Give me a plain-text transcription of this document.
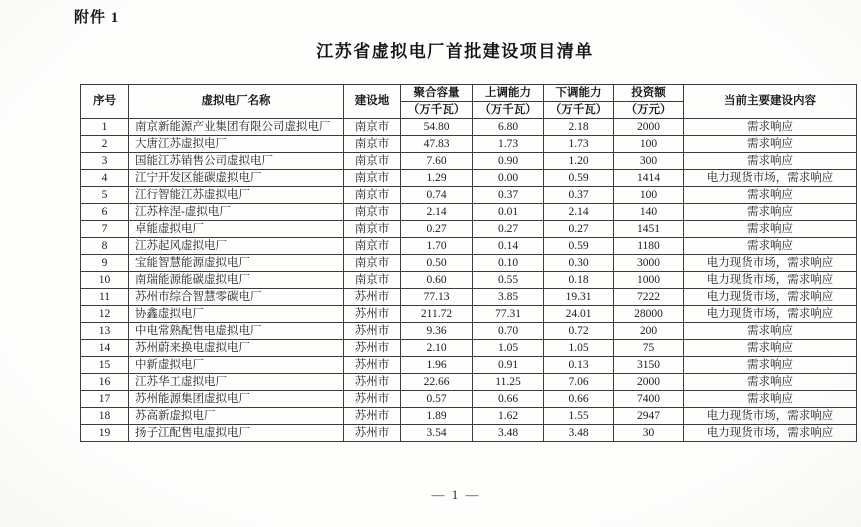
附件 1
江苏省虚拟电厂首批建设项目清单
序号	虚拟电厂名称	建设地	聚合容量	上调能力	下调能力	投资额	当前主要建设内容
			（万千瓦）	（万千瓦）	（万千瓦）	（万元）	
1	南京新能源产业集团有限公司虚拟电厂	南京市	54.80	6.80	2.18	2000	需求响应
2	大唐江苏虚拟电厂	南京市	47.83	1.73	1.73	100	需求响应
3	国能江苏销售公司虚拟电厂	南京市	7.60	0.90	1.20	300	需求响应
4	江宁开发区能碳虚拟电厂	南京市	1.29	0.00	0.59	1414	电力现货市场，需求响应
5	江行智能江苏虚拟电厂	南京市	0.74	0.37	0.37	100	需求响应
6	江苏梓涅-虚拟电厂	南京市	2.14	0.01	2.14	140	需求响应
7	卓能虚拟电厂	南京市	0.27	0.27	0.27	1451	需求响应
8	江苏起风虚拟电厂	南京市	1.70	0.14	0.59	1180	需求响应
9	宝能智慧能源虚拟电厂	南京市	0.50	0.10	0.30	3000	电力现货市场，需求响应
10	南瑞能源能碳虚拟电厂	南京市	0.60	0.55	0.18	1000	电力现货市场，需求响应
11	苏州市综合智慧零碳电厂	苏州市	77.13	3.85	19.31	7222	电力现货市场，需求响应
12	协鑫虚拟电厂	苏州市	211.72	77.31	24.01	28000	电力现货市场，需求响应
13	中电常熟配售电虚拟电厂	苏州市	9.36	0.70	0.72	200	需求响应
14	苏州蔚来换电虚拟电厂	苏州市	2.10	1.05	1.05	75	需求响应
15	中新虚拟电厂	苏州市	1.96	0.91	0.13	3150	需求响应
16	江苏华工虚拟电厂	苏州市	22.66	11.25	7.06	2000	需求响应
17	苏州能源集团虚拟电厂	苏州市	0.57	0.66	0.66	7400	需求响应
18	苏高新虚拟电厂	苏州市	1.89	1.62	1.55	2947	电力现货市场，需求响应
19	扬子江配售电虚拟电厂	苏州市	3.54	3.48	3.48	30	电力现货市场，需求响应
— 1 —
